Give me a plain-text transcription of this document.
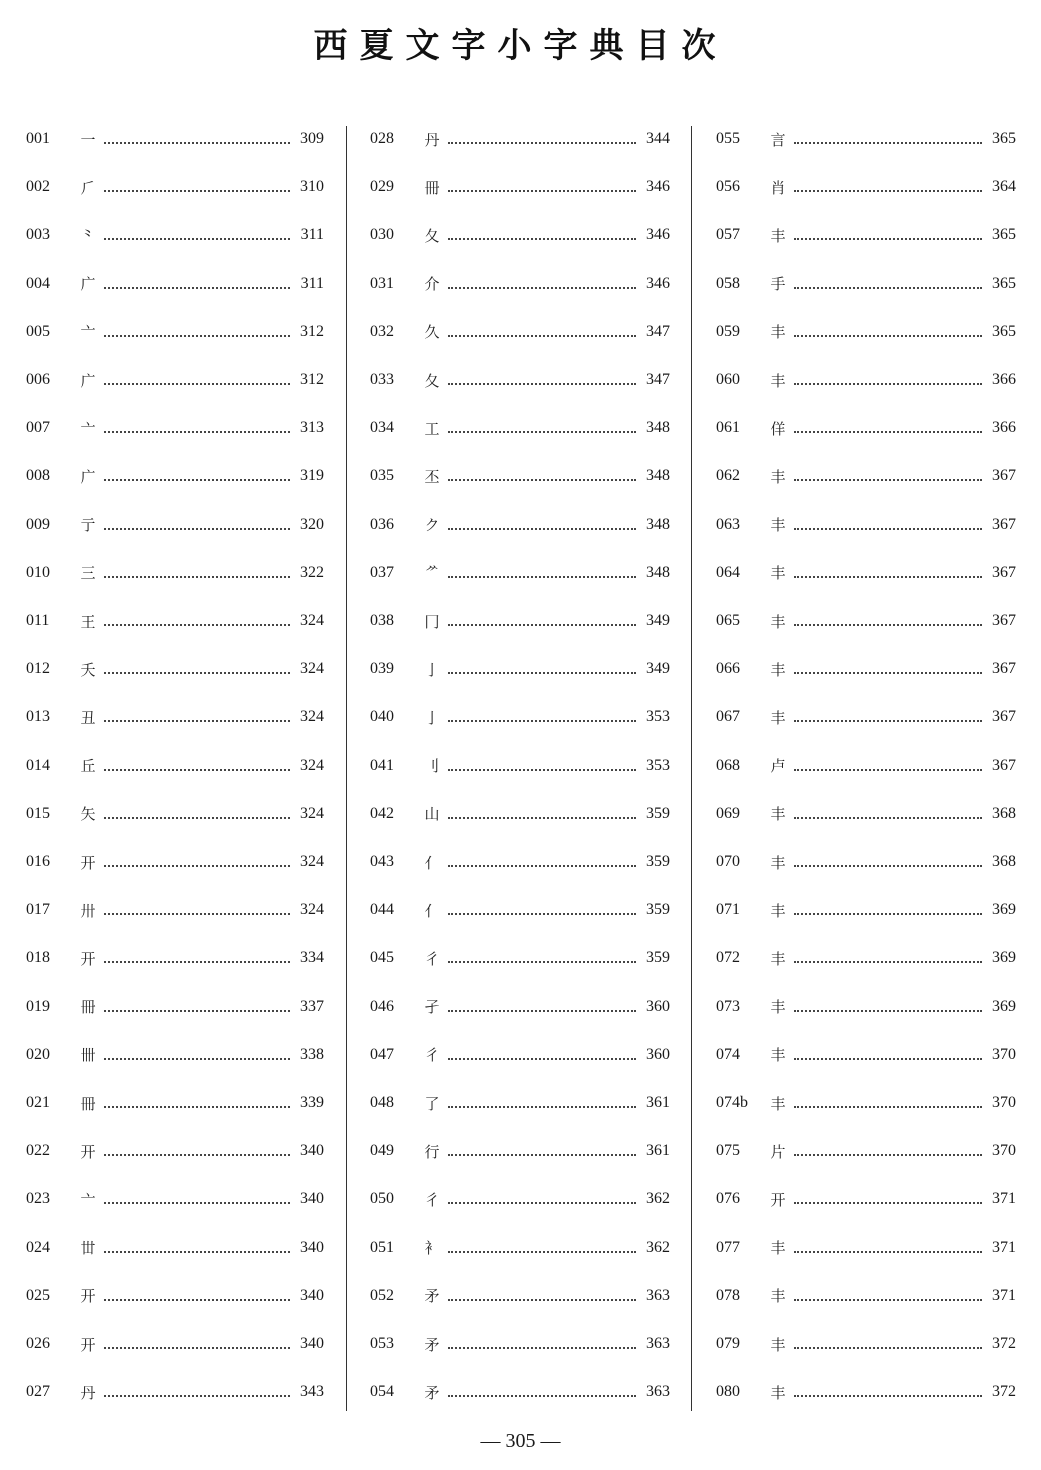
西夏文字小字典目次
001	一	309
002	⺁	310
003	⺀	311
004	广	311
005	亠	312
006	广	312
007	亠	313
008	广	319
009	亍	320
010	三	322
011	王	324
012	夭	324
013	丑	324
014	丘	324
015	矢	324
016	开	324
017	卅	324
018	开	334
019	冊	337
020	卌	338
021	冊	339
022	开	340
023	亠	340
024	丗	340
025	开	340
026	开	340
027	丹	343
028	丹	344
029	冊	346
030	夂	346
031	介	346
032	久	347
033	夂	347
034	工	348
035	丕	348
036	ク	348
037	ᄽ	348
038	冂	349
039	亅	349
040	亅	353
041	刂	353
042	山	359
043	亻	359
044	亻	359
045	彳	359
046	孑	360
047	彳	360
048	了	361
049	行	361
050	彳	362
051	衤	362
052	矛	363
053	矛	363
054	矛	363
055	言	365
056	肖	364
057	丰	365
058	手	365
059	丰	365
060	丰	366
061	佯	366
062	丰	367
063	丰	367
064	丰	367
065	丰	367
066	丰	367
067	丰	367
068	卢	367
069	丰	368
070	丰	368
071	丰	369
072	丰	369
073	丰	369
074	丰	370
074b	丰	370
075	片	370
076	开	371
077	丰	371
078	丰	371
079	丰	372
080	丰	372
— 305 —
